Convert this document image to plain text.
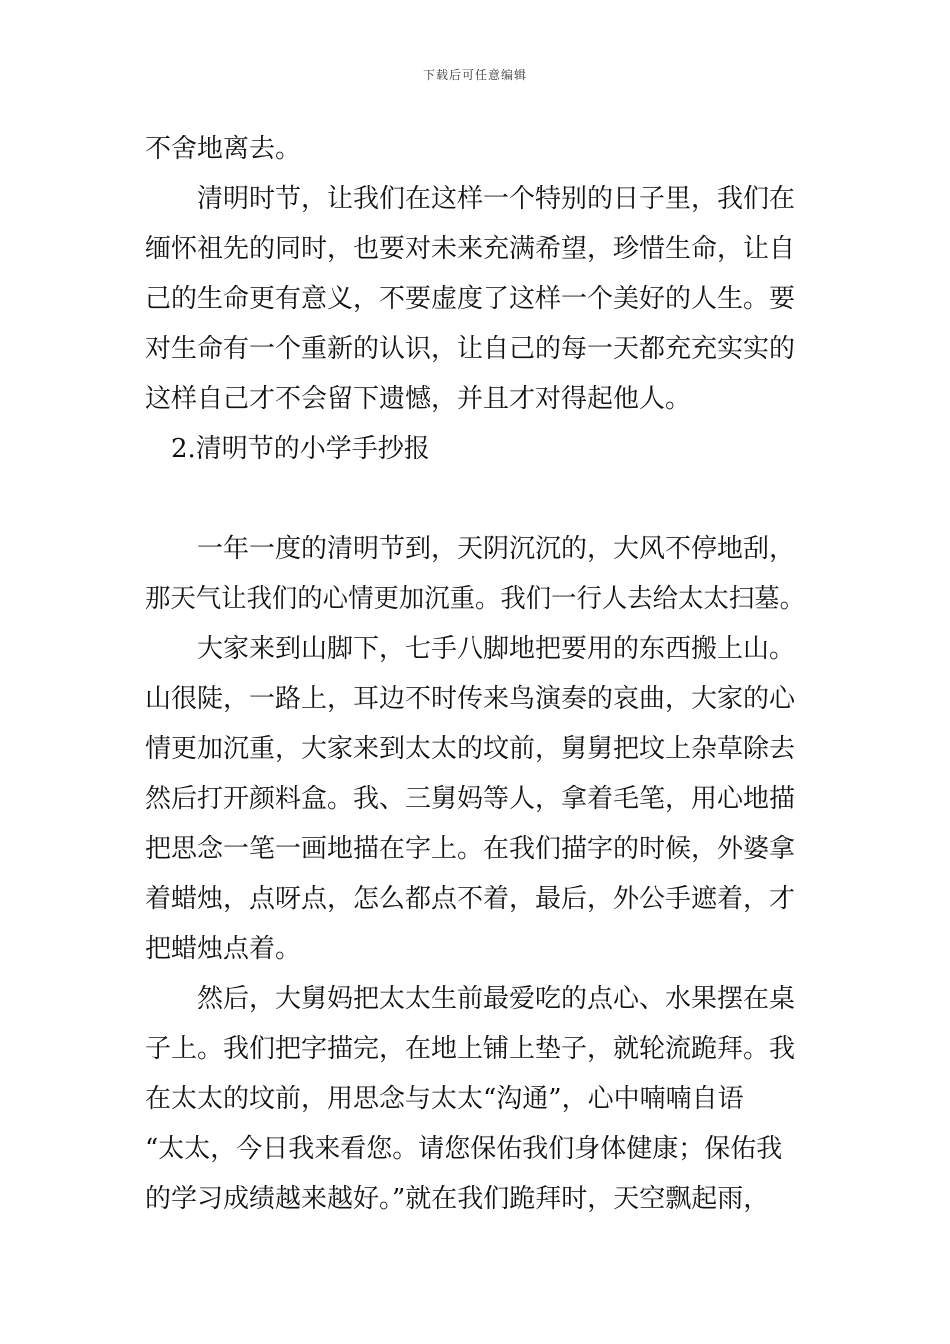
下载后可任意编辑
不舍地离去。
清明时节，让我们在这样一个特别的日子里，我们在
缅怀祖先的同时，也要对未来充满希望，珍惜生命，让自
己的生命更有意义，不要虚度了这样一个美好的人生。要
对生命有一个重新的认识，让自己的每一天都充充实实的
这样自己才不会留下遗憾，并且才对得起他人。
2.清明节的小学手抄报
一年一度的清明节到，天阴沉沉的，大风不停地刮，
那天气让我们的心情更加沉重。我们一行人去给太太扫墓。
大家来到山脚下，七手八脚地把要用的东西搬上山。
山很陡，一路上，耳边不时传来鸟演奏的哀曲，大家的心
情更加沉重，大家来到太太的坟前，舅舅把坟上杂草除去
然后打开颜料盒。我、三舅妈等人，拿着毛笔，用心地描
把思念一笔一画地描在字上。在我们描字的时候，外婆拿
着蜡烛，点呀点，怎么都点不着，最后，外公手遮着，才
把蜡烛点着。
然后，大舅妈把太太生前最爱吃的点心、水果摆在桌
子上。我们把字描完，在地上铺上垫子，就轮流跪拜。我
在太太的坟前，用思念与太太“沟通”，心中喃喃自语
“太太，今日我来看您。请您保佑我们身体健康；保佑我
的学习成绩越来越好。”就在我们跪拜时，天空飘起雨，
